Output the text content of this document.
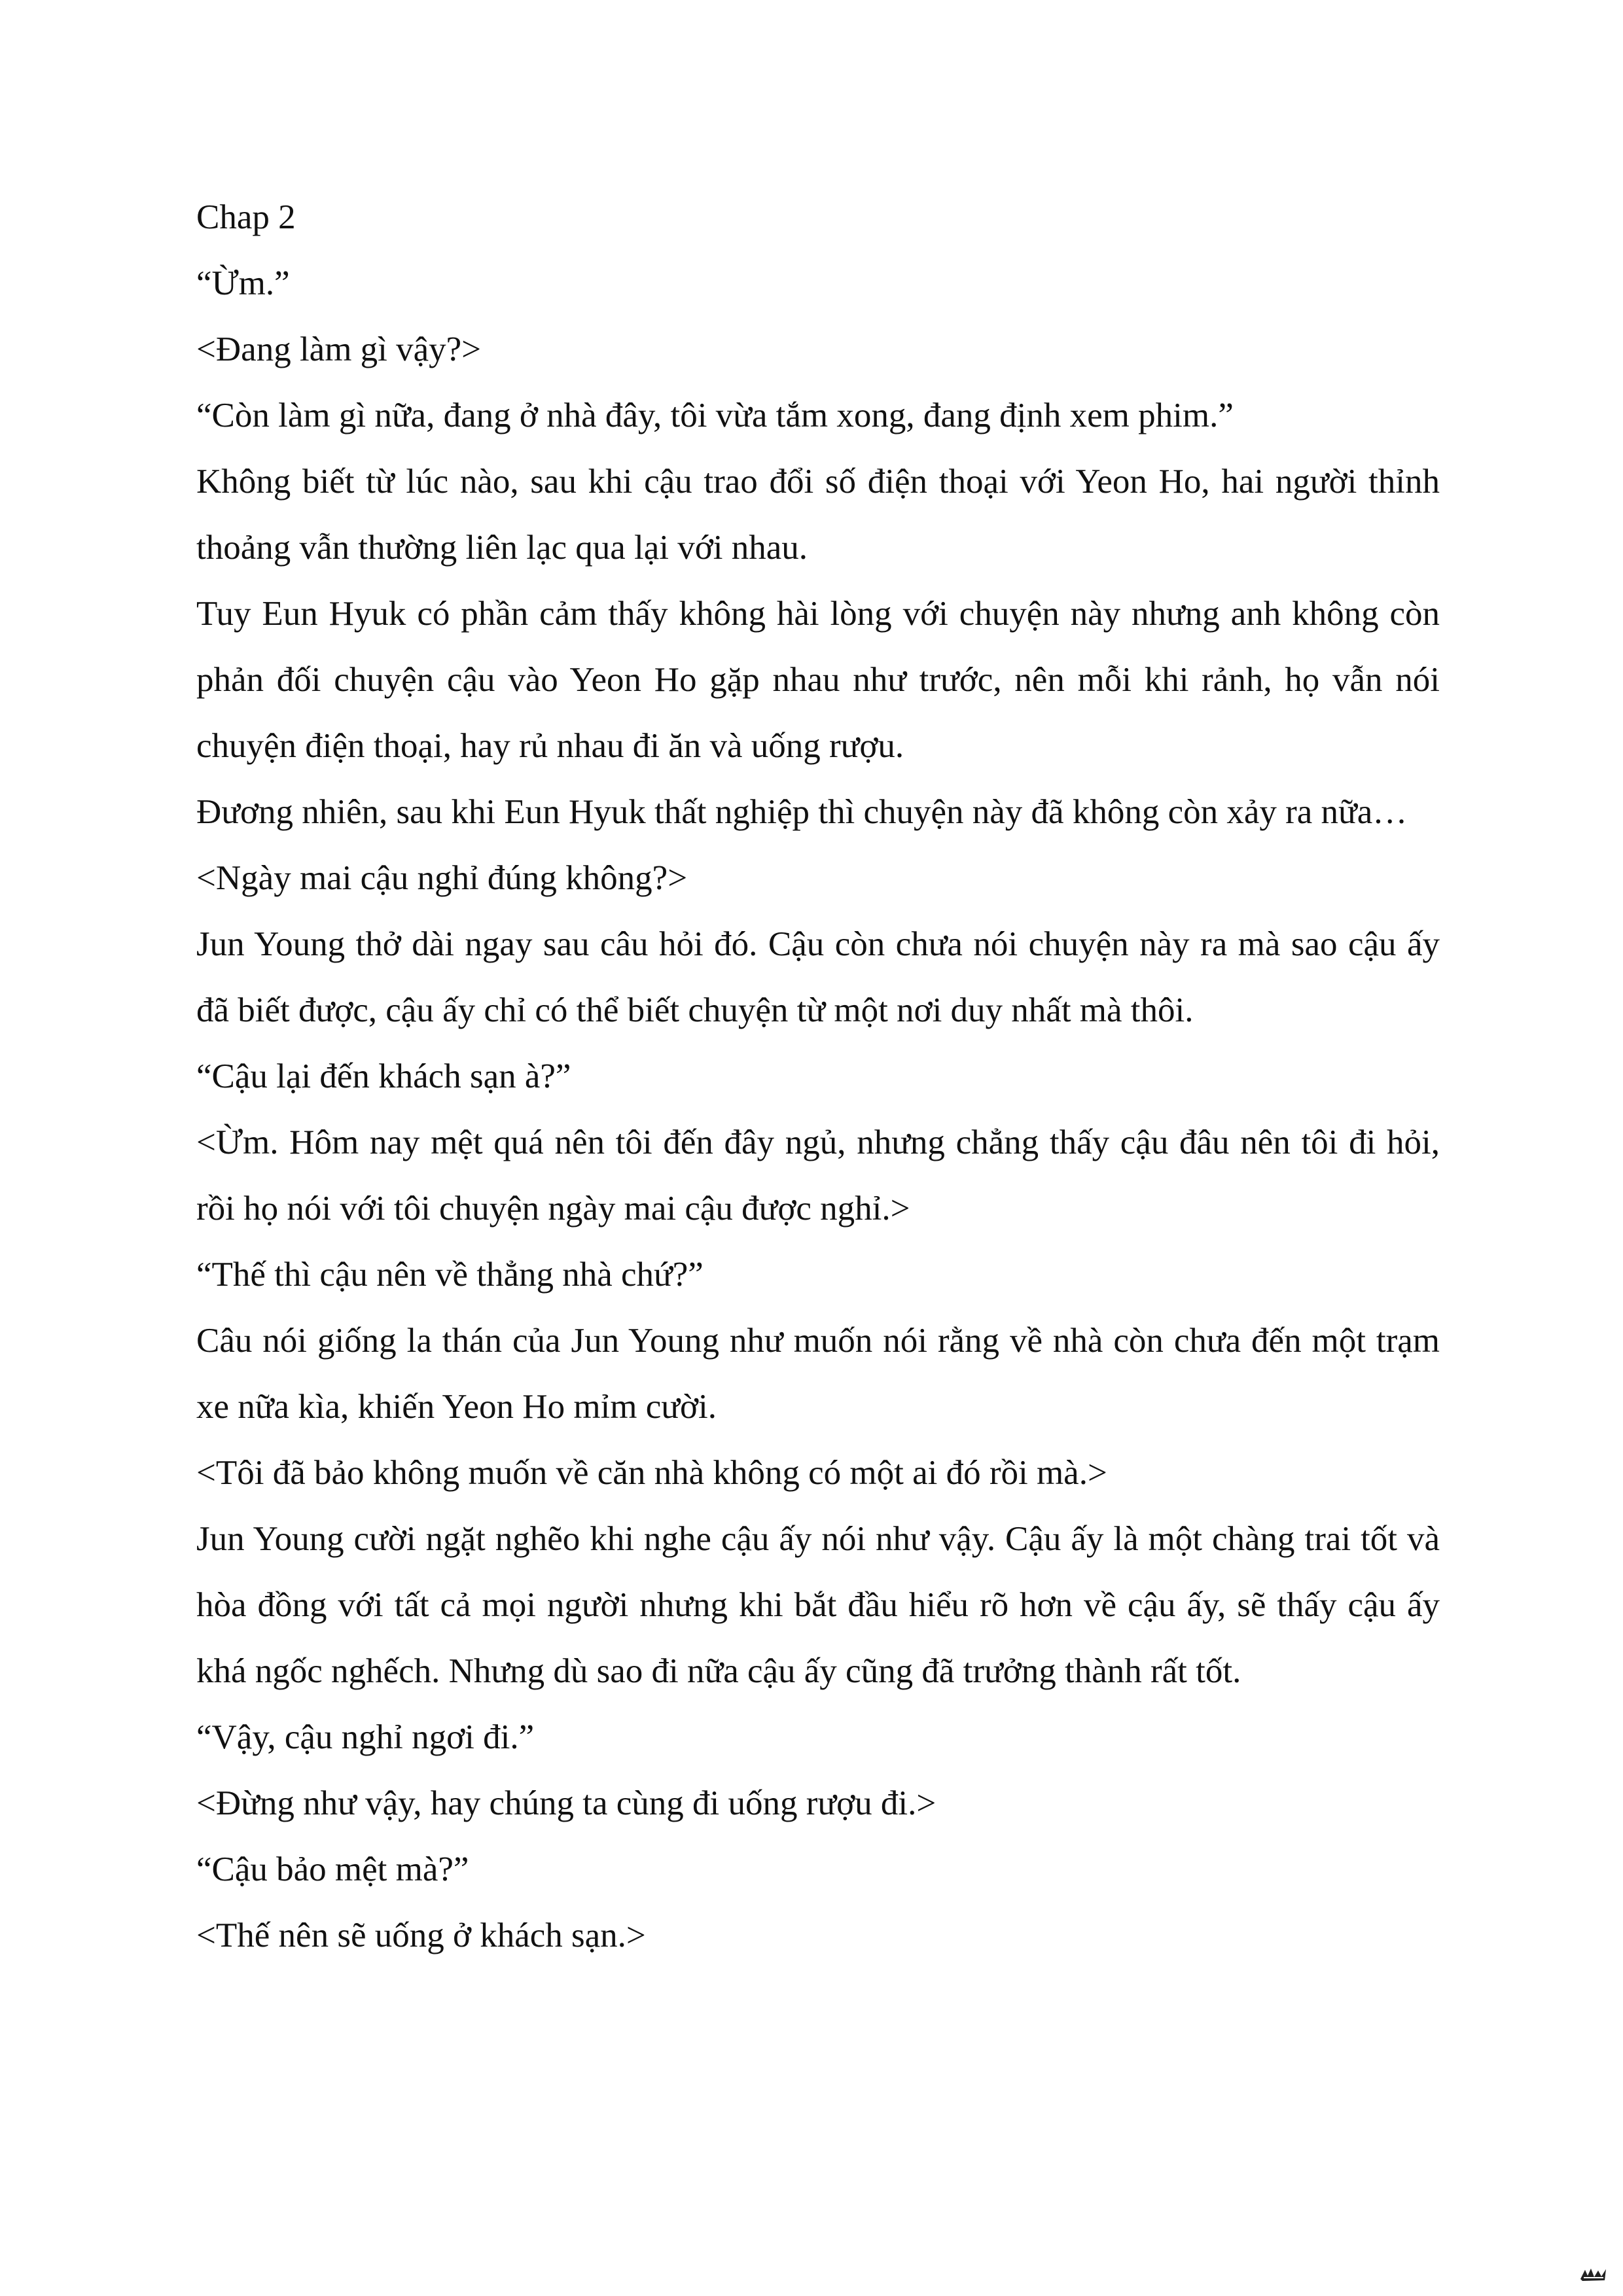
Chap 2

“Ừm.”

<Đang làm gì vậy?>

“Còn làm gì nữa, đang ở nhà đây, tôi vừa tắm xong, đang định xem phim.”

Không biết từ lúc nào, sau khi cậu trao đổi số điện thoại với Yeon Ho, hai người thỉnh thoảng vẫn thường liên lạc qua lại với nhau.

Tuy Eun Hyuk có phần cảm thấy không hài lòng với chuyện này nhưng anh không còn phản đối chuyện cậu vào Yeon Ho gặp nhau như trước, nên mỗi khi rảnh, họ vẫn nói chuyện điện thoại, hay rủ nhau đi ăn và uống rượu.

Đương nhiên, sau khi Eun Hyuk thất nghiệp thì chuyện này đã không còn xảy ra nữa…

<Ngày mai cậu nghỉ đúng không?>

Jun Young thở dài ngay sau câu hỏi đó. Cậu còn chưa nói chuyện này ra mà sao cậu ấy đã biết được, cậu ấy chỉ có thể biết chuyện từ một nơi duy nhất mà thôi.

“Cậu lại đến khách sạn à?”

<Ừm. Hôm nay mệt quá nên tôi đến đây ngủ, nhưng chẳng thấy cậu đâu nên tôi đi hỏi, rồi họ nói với tôi chuyện ngày mai cậu được nghỉ.>

“Thế thì cậu nên về thẳng nhà chứ?”

Câu nói giống la thán của Jun Young như muốn nói rằng về nhà còn chưa đến một trạm xe nữa kìa, khiến Yeon Ho mỉm cười.

<Tôi đã bảo không muốn về căn nhà không có một ai đó rồi mà.>

Jun Young cười ngặt nghẽo khi nghe cậu ấy nói như vậy. Cậu ấy là một chàng trai tốt và hòa đồng với tất cả mọi người nhưng khi bắt đầu hiểu rõ hơn về cậu ấy, sẽ thấy cậu ấy khá ngốc nghếch. Nhưng dù sao đi nữa cậu ấy cũng đã trưởng thành rất tốt.

“Vậy, cậu nghỉ ngơi đi.”

<Đừng như vậy, hay chúng ta cùng đi uống rượu đi.>

“Cậu bảo mệt mà?”

<Thế nên sẽ uống ở khách sạn.>
